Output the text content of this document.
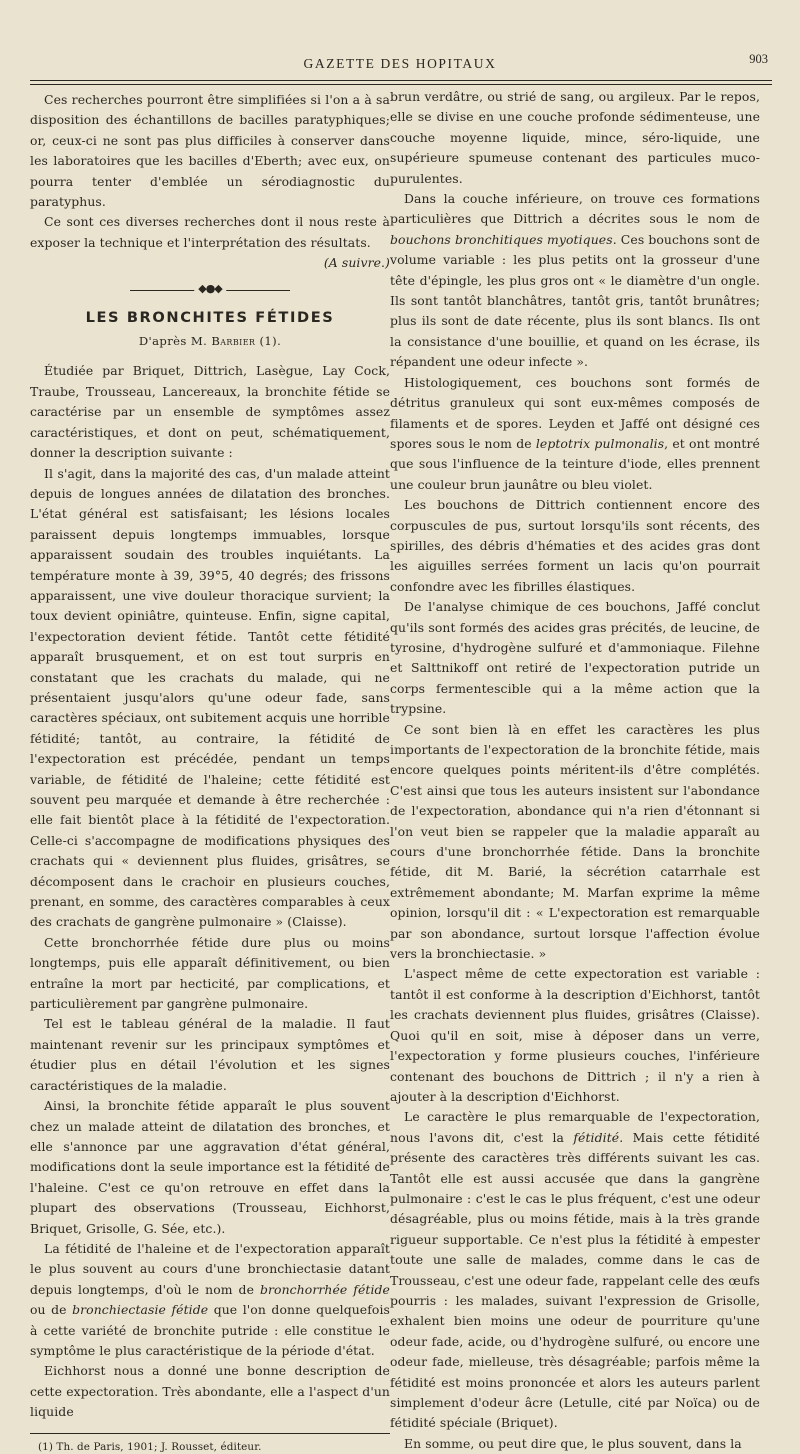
GAZETTE DES HOPITAUX	903

Ces recherches pourront être simplifiées si l'on a à sa disposition des échantillons de bacilles paratyphiques; or, ceux-ci ne sont pas plus difficiles à conserver dans les laboratoires que les bacilles d'Eberth; avec eux, on pourra tenter d'emblée un sérodiagnostic du paratyphus.

Ce sont ces diverses recherches dont il nous reste à exposer la technique et l'interprétation des résultats.

(A suivre.)

◆●◆
LES BRONCHITES FÉTIDES

D'après M. Barbier (1).

Étudiée par Briquet, Dittrich, Lasègue, Lay Cock, Traube, Trousseau, Lancereaux, la bronchite fétide se caractérise par un ensemble de symptômes assez caractéristiques, et dont on peut, schématiquement, donner la description suivante :

Il s'agit, dans la majorité des cas, d'un malade atteint depuis de longues années de dilatation des bronches. L'état général est satisfaisant; les lésions locales paraissent depuis longtemps immuables, lorsque apparaissent soudain des troubles inquiétants. La température monte à 39, 39°5, 40 degrés; des frissons apparaissent, une vive douleur thoracique survient; la toux devient opiniâtre, quinteuse. Enfin, signe capital, l'expectoration devient fétide. Tantôt cette fétidité apparaît brusquement, et on est tout surpris en constatant que les crachats du malade, qui ne présentaient jusqu'alors qu'une odeur fade, sans caractères spéciaux, ont subitement acquis une horrible fétidité; tantôt, au contraire, la fétidité de l'expectoration est précédée, pendant un temps variable, de fétidité de l'haleine; cette fétidité est souvent peu marquée et demande à être recherchée : elle fait bientôt place à la fétidité de l'expectoration. Celle-ci s'accompagne de modifications physiques des crachats qui « deviennent plus fluides, grisâtres, se décomposent dans le crachoir en plusieurs couches, prenant, en somme, des caractères comparables à ceux des crachats de gangrène pulmonaire » (Claisse).

Cette bronchorrhée fétide dure plus ou moins longtemps, puis elle apparaît définitivement, ou bien entraîne la mort par hecticité, par complications, et particulièrement par gangrène pulmonaire.

Tel est le tableau général de la maladie. Il faut maintenant revenir sur les principaux symptômes et étudier plus en détail l'évolution et les signes caractéristiques de la maladie.

Ainsi, la bronchite fétide apparaît le plus souvent chez un malade atteint de dilatation des bronches, et elle s'annonce par une aggravation d'état général, modifications dont la seule importance est la fétidité de l'haleine. C'est ce qu'on retrouve en effet dans la plupart des observations (Trousseau, Eichhorst, Briquet, Grisolle, G. Sée, etc.).

La fétidité de l'haleine et de l'expectoration apparaît le plus souvent au cours d'une bronchiectasie datant depuis longtemps, d'où le nom de bronchorrhée fétide ou de bronchiectasie fétide que l'on donne quelquefois à cette variété de bronchite putride : elle constitue le symptôme le plus caractéristique de la période d'état.

Eichhorst nous a donné une bonne description de cette expectoration. Très abondante, elle a l'aspect d'un liquide

(1) Th. de Paris, 1901; J. Rousset, éditeur.

brun verdâtre, ou strié de sang, ou argileux. Par le repos, elle se divise en une couche profonde sédimenteuse, une couche moyenne liquide, mince, séro-liquide, une supérieure spumeuse contenant des particules muco-purulentes.

Dans la couche inférieure, on trouve ces formations particulières que Dittrich a décrites sous le nom de bouchons bronchitiques myotiques. Ces bouchons sont de volume variable : les plus petits ont la grosseur d'une tête d'épingle, les plus gros ont « le diamètre d'un ongle. Ils sont tantôt blanchâtres, tantôt gris, tantôt brunâtres; plus ils sont de date récente, plus ils sont blancs. Ils ont la consistance d'une bouillie, et quand on les écrase, ils répandent une odeur infecte ».

Histologiquement, ces bouchons sont formés de détritus granuleux qui sont eux-mêmes composés de filaments et de spores. Leyden et Jaffé ont désigné ces spores sous le nom de leptotrix pulmonalis, et ont montré que sous l'influence de la teinture d'iode, elles prennent une couleur brun jaunâtre ou bleu violet.

Les bouchons de Dittrich contiennent encore des corpuscules de pus, surtout lorsqu'ils sont récents, des spirilles, des débris d'hématies et des acides gras dont les aiguilles serrées forment un lacis qu'on pourrait confondre avec les fibrilles élastiques.

De l'analyse chimique de ces bouchons, Jaffé conclut qu'ils sont formés des acides gras précités, de leucine, de tyrosine, d'hydrogène sulfuré et d'ammoniaque. Filehne et Salttnikoff ont retiré de l'expectoration putride un corps fermentescible qui a la même action que la trypsine.

Ce sont bien là en effet les caractères les plus importants de l'expectoration de la bronchite fétide, mais encore quelques points méritent-ils d'être complétés. C'est ainsi que tous les auteurs insistent sur l'abondance de l'expectoration, abondance qui n'a rien d'étonnant si l'on veut bien se rappeler que la maladie apparaît au cours d'une bronchorrhée fétide. Dans la bronchite fétide, dit M. Barié, la sécrétion catarrhale est extrêmement abondante; M. Marfan exprime la même opinion, lorsqu'il dit : « L'expectoration est remarquable par son abondance, surtout lorsque l'affection évolue vers la bronchiectasie. »

L'aspect même de cette expectoration est variable : tantôt il est conforme à la description d'Eichhorst, tantôt les crachats deviennent plus fluides, grisâtres (Claisse). Quoi qu'il en soit, mise à déposer dans un verre, l'expectoration y forme plusieurs couches, l'inférieure contenant des bouchons de Dittrich ; il n'y a rien à ajouter à la description d'Eichhorst.

Le caractère le plus remarquable de l'expectoration, nous l'avons dit, c'est la fétidité. Mais cette fétidité présente des caractères très différents suivant les cas. Tantôt elle est aussi accusée que dans la gangrène pulmonaire : c'est le cas le plus fréquent, c'est une odeur désagréable, plus ou moins fétide, mais à la très grande rigueur supportable. Ce n'est plus la fétidité à empester toute une salle de malades, comme dans le cas de Trousseau, c'est une odeur fade, rappelant celle des œufs pourris : les malades, suivant l'expression de Grisolle, exhalent bien moins une odeur de pourriture qu'une odeur fade, acide, ou d'hydrogène sulfuré, ou encore une odeur fade, mielleuse, très désagréable; parfois même la fétidité est moins prononcée et alors les auteurs parlent simplement d'odeur âcre (Letulle, cité par Noïca) ou de fétidité spéciale (Briquet).

En somme, ou peut dire que, le plus souvent, dans la
